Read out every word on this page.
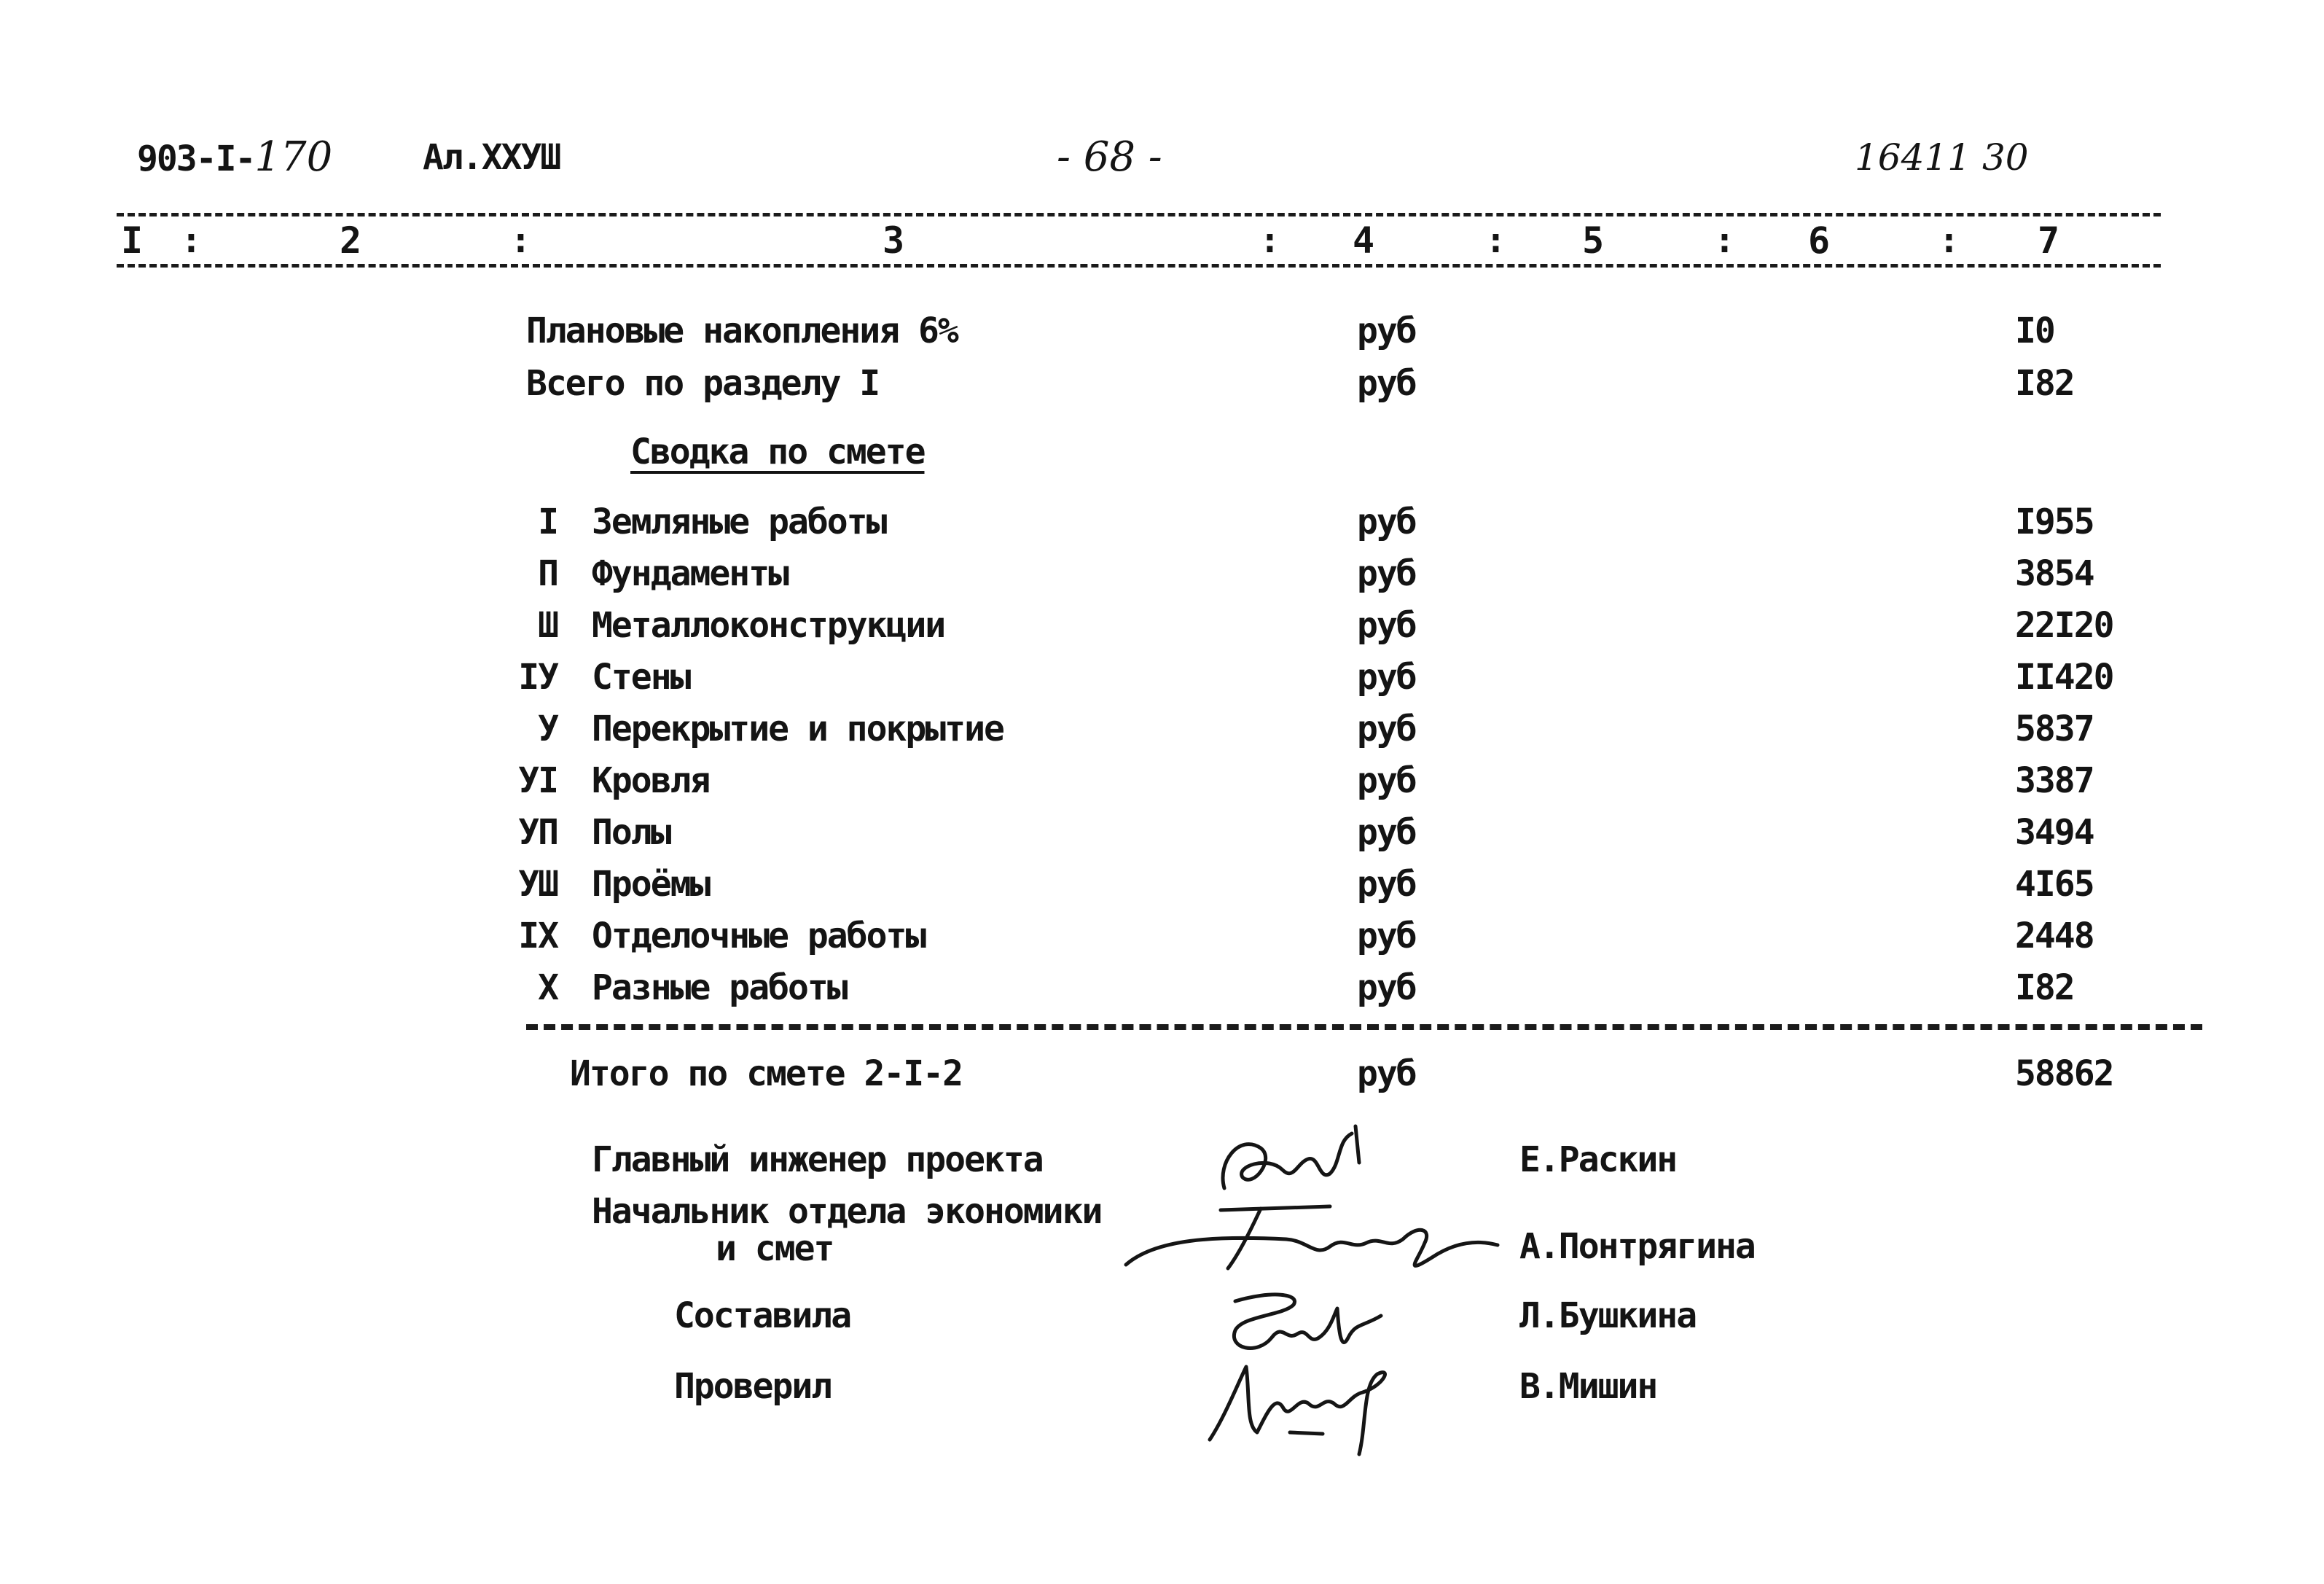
903-I-170	Ал.XXУШ	- 68 -	16411 30
I	2	3	4	5	6	7
:	:	:	:	:	:
Плановые накопления 6%	руб	I0
Всего по разделу I	руб	I82
Сводка по смете
I Земляные работы	руб	I955
П Фундаменты	руб	3854
Ш Металлоконструкции	руб	22I20
IУ Стены	руб	II420
У Перекрытие и покрытие	руб	5837
УI Кровля	руб	3387
УП Полы	руб	3494
УШ Проёмы	руб	4I65
IX Отделочные работы	руб	2448
X Разные работы	руб	I82
Итого по смете 2-I-2	руб	58862
Главный инженер проекта	Е.Раскин
Начальник отдела экономики
и смет	А.Понтрягина
Составила	Л.Бушкина
Проверил	В.Мишин
